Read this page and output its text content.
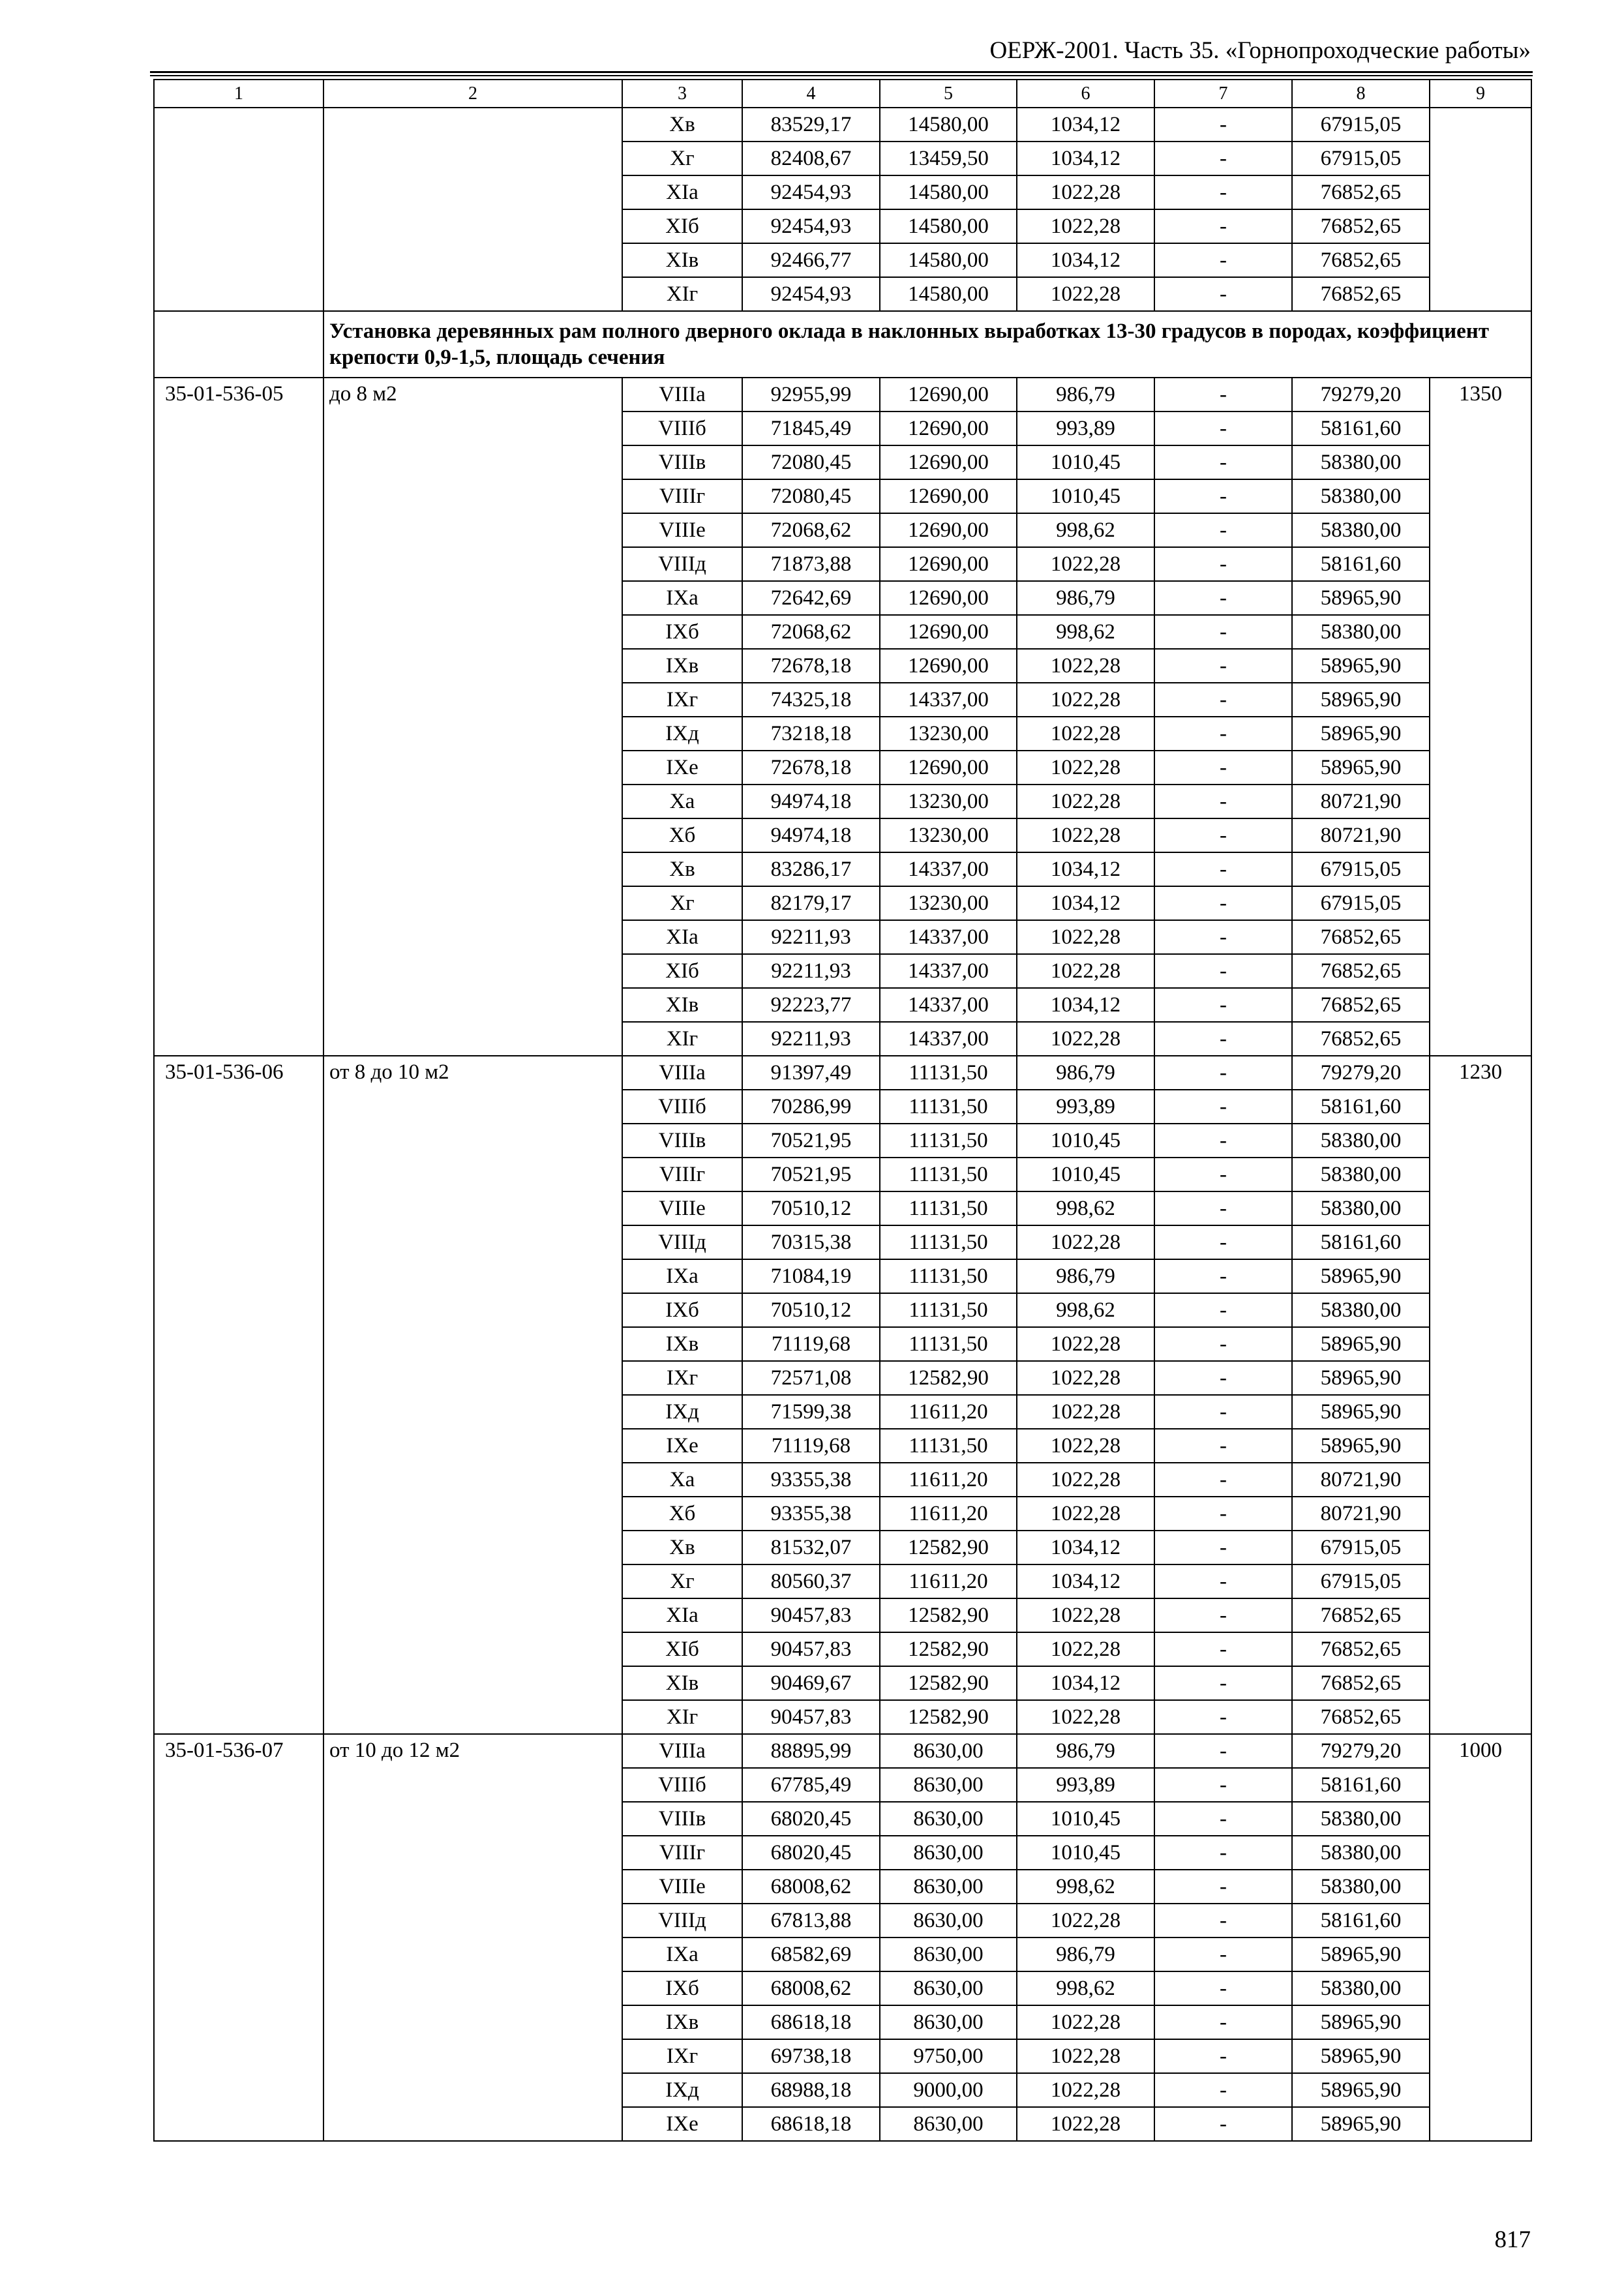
ОЕРЖ-2001. Часть 35. «Горнопроходческие работы»
1	2	3	4	5	6	7	8	9
		Хв	83529,17	14580,00	1034,12	-	67915,05	
		Хг	82408,67	13459,50	1034,12	-	67915,05	
		ХIа	92454,93	14580,00	1022,28	-	76852,65	
		ХIб	92454,93	14580,00	1022,28	-	76852,65	
		ХIв	92466,77	14580,00	1034,12	-	76852,65	
		ХIг	92454,93	14580,00	1022,28	-	76852,65	
	Установка деревянных рам полного дверного оклада в наклонных выработках 13-30 градусов в породах, коэффициент крепости 0,9-1,5, площадь сечения							
35-01-536-05	до 8 м2	VIIIа	92955,99	12690,00	986,79	-	79279,20	1350
		VIIIб	71845,49	12690,00	993,89	-	58161,60	
		VIIIв	72080,45	12690,00	1010,45	-	58380,00	
		VIIIг	72080,45	12690,00	1010,45	-	58380,00	
		VIIIе	72068,62	12690,00	998,62	-	58380,00	
		VIIIд	71873,88	12690,00	1022,28	-	58161,60	
		IХа	72642,69	12690,00	986,79	-	58965,90	
		IХб	72068,62	12690,00	998,62	-	58380,00	
		IХв	72678,18	12690,00	1022,28	-	58965,90	
		IХг	74325,18	14337,00	1022,28	-	58965,90	
		IХд	73218,18	13230,00	1022,28	-	58965,90	
		IХе	72678,18	12690,00	1022,28	-	58965,90	
		Ха	94974,18	13230,00	1022,28	-	80721,90	
		Хб	94974,18	13230,00	1022,28	-	80721,90	
		Хв	83286,17	14337,00	1034,12	-	67915,05	
		Хг	82179,17	13230,00	1034,12	-	67915,05	
		ХIа	92211,93	14337,00	1022,28	-	76852,65	
		ХIб	92211,93	14337,00	1022,28	-	76852,65	
		ХIв	92223,77	14337,00	1034,12	-	76852,65	
		ХIг	92211,93	14337,00	1022,28	-	76852,65	
35-01-536-06	от 8 до 10 м2	VIIIа	91397,49	11131,50	986,79	-	79279,20	1230
		VIIIб	70286,99	11131,50	993,89	-	58161,60	
		VIIIв	70521,95	11131,50	1010,45	-	58380,00	
		VIIIг	70521,95	11131,50	1010,45	-	58380,00	
		VIIIе	70510,12	11131,50	998,62	-	58380,00	
		VIIIд	70315,38	11131,50	1022,28	-	58161,60	
		IХа	71084,19	11131,50	986,79	-	58965,90	
		IХб	70510,12	11131,50	998,62	-	58380,00	
		IХв	71119,68	11131,50	1022,28	-	58965,90	
		IХг	72571,08	12582,90	1022,28	-	58965,90	
		IХд	71599,38	11611,20	1022,28	-	58965,90	
		IХе	71119,68	11131,50	1022,28	-	58965,90	
		Ха	93355,38	11611,20	1022,28	-	80721,90	
		Хб	93355,38	11611,20	1022,28	-	80721,90	
		Хв	81532,07	12582,90	1034,12	-	67915,05	
		Хг	80560,37	11611,20	1034,12	-	67915,05	
		ХIа	90457,83	12582,90	1022,28	-	76852,65	
		ХIб	90457,83	12582,90	1022,28	-	76852,65	
		ХIв	90469,67	12582,90	1034,12	-	76852,65	
		ХIг	90457,83	12582,90	1022,28	-	76852,65	
35-01-536-07	от 10 до 12 м2	VIIIа	88895,99	8630,00	986,79	-	79279,20	1000
		VIIIб	67785,49	8630,00	993,89	-	58161,60	
		VIIIв	68020,45	8630,00	1010,45	-	58380,00	
		VIIIг	68020,45	8630,00	1010,45	-	58380,00	
		VIIIе	68008,62	8630,00	998,62	-	58380,00	
		VIIIд	67813,88	8630,00	1022,28	-	58161,60	
		IХа	68582,69	8630,00	986,79	-	58965,90	
		IХб	68008,62	8630,00	998,62	-	58380,00	
		IХв	68618,18	8630,00	1022,28	-	58965,90	
		IХг	69738,18	9750,00	1022,28	-	58965,90	
		IХд	68988,18	9000,00	1022,28	-	58965,90	
		IХе	68618,18	8630,00	1022,28	-	58965,90	
817
